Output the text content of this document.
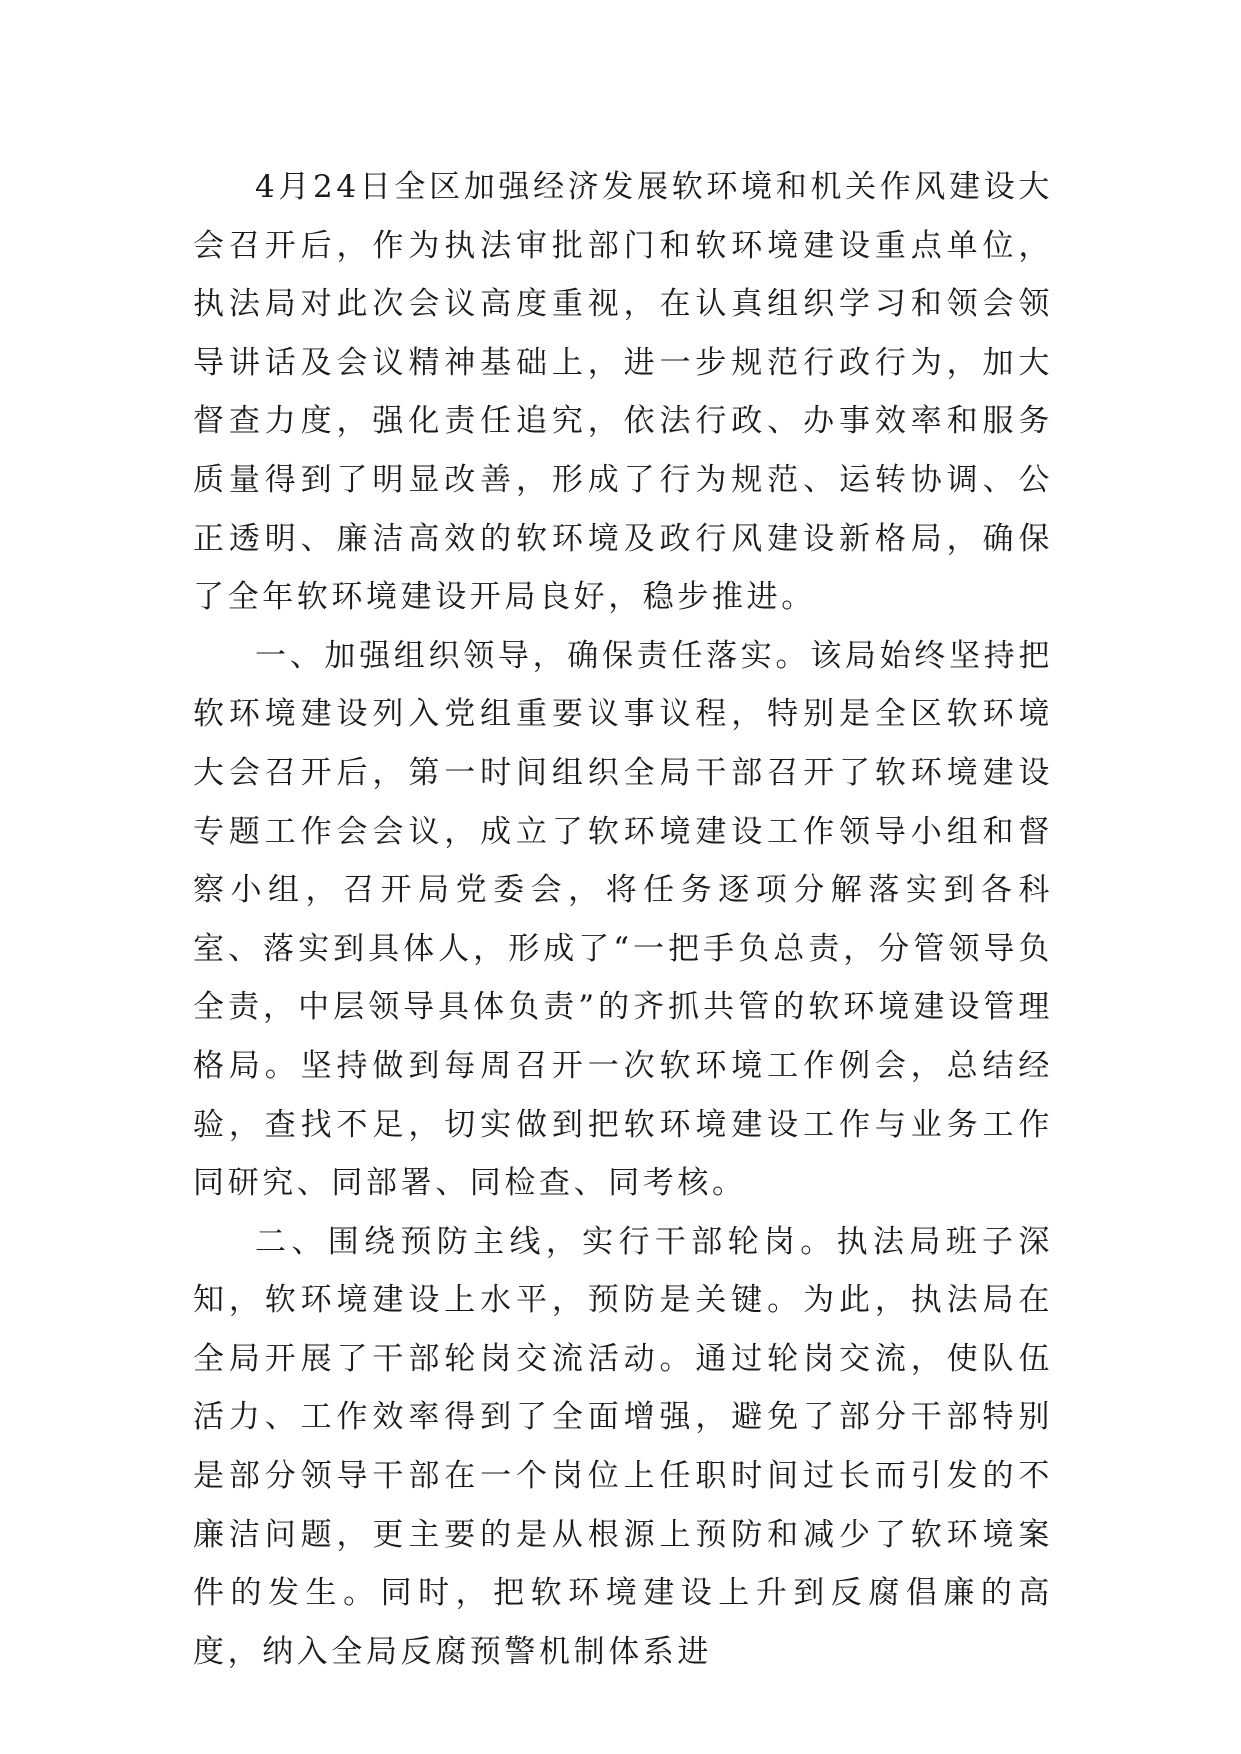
4月24日全区加强经济发展软环境和机关作风建设大会召开后，作为执法审批部门和软环境建设重点单位，执法局对此次会议高度重视，在认真组织学习和领会领导讲话及会议精神基础上，进一步规范行政行为，加大督查力度，强化责任追究，依法行政、办事效率和服务质量得到了明显改善，形成了行为规范、运转协调、公正透明、廉洁高效的软环境及政行风建设新格局，确保了全年软环境建设开局良好，稳步推进。

一、加强组织领导，确保责任落实。该局始终坚持把软环境建设列入党组重要议事议程，特别是全区软环境大会召开后，第一时间组织全局干部召开了软环境建设专题工作会会议，成立了软环境建设工作领导小组和督察小组，召开局党委会，将任务逐项分解落实到各科室、落实到具体人，形成了“一把手负总责，分管领导负全责，中层领导具体负责”的齐抓共管的软环境建设管理格局。坚持做到每周召开一次软环境工作例会，总结经验，查找不足，切实做到把软环境建设工作与业务工作同研究、同部署、同检查、同考核。

二、围绕预防主线，实行干部轮岗。执法局班子深知，软环境建设上水平，预防是关键。为此，执法局在全局开展了干部轮岗交流活动。通过轮岗交流，使队伍活力、工作效率得到了全面增强，避免了部分干部特别是部分领导干部在一个岗位上任职时间过长而引发的不廉洁问题，更主要的是从根源上预防和减少了软环境案件的发生。同时，把软环境建设上升到反腐倡廉的高度，纳入全局反腐预警机制体系进
